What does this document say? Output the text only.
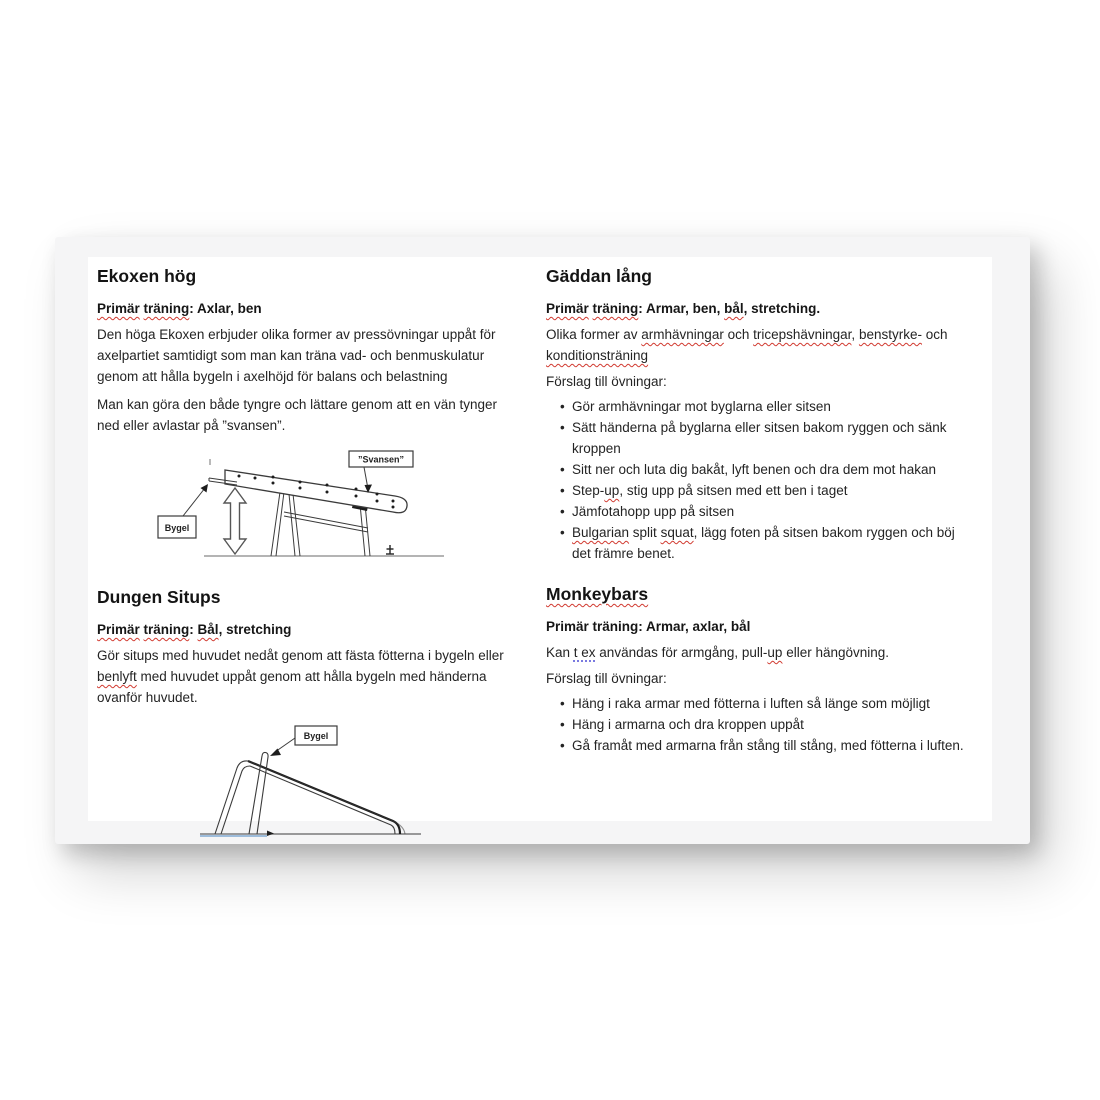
Ekoxen hög

Primär träning: Axlar, ben

Den höga Ekoxen erbjuder olika former av pressövningar uppåt för axelpartiet samtidigt som man kan träna vad- och benmuskulatur genom att hålla bygeln i axelhöjd för balans och belastning

Man kan göra den både tyngre och lättare genom att en vän tynger ned eller avlastar på ”svansen”.

”Svansen”
Bygel
Dungen Situps

Primär träning: Bål, stretching

Gör situps med huvudet nedåt genom att fästa fötterna i bygeln eller benlyft med huvudet uppåt genom att hålla bygeln med händerna ovanför huvudet.

Bygel
Gäddan lång

Primär träning: Armar, ben, bål, stretching.

Olika former av armhävningar och tricepshävningar, benstyrke- och konditionsträning

Förslag till övningar:

• Gör armhävningar mot byglarna eller sitsen
• Sätt händerna på byglarna eller sitsen bakom ryggen och sänk kroppen
• Sitt ner och luta dig bakåt, lyft benen och dra dem mot hakan
• Step-up, stig upp på sitsen med ett ben i taget
• Jämfotahopp upp på sitsen
• Bulgarian split squat, lägg foten på sitsen bakom ryggen och böj det främre benet.
Monkeybars

Primär träning: Armar, axlar, bål

Kan t ex användas för armgång, pull-up eller hängövning.

Förslag till övningar:

• Häng i raka armar med fötterna i luften så länge som möjligt
• Häng i armarna och dra kroppen uppåt
• Gå framåt med armarna från stång till stång, med fötterna i luften.
